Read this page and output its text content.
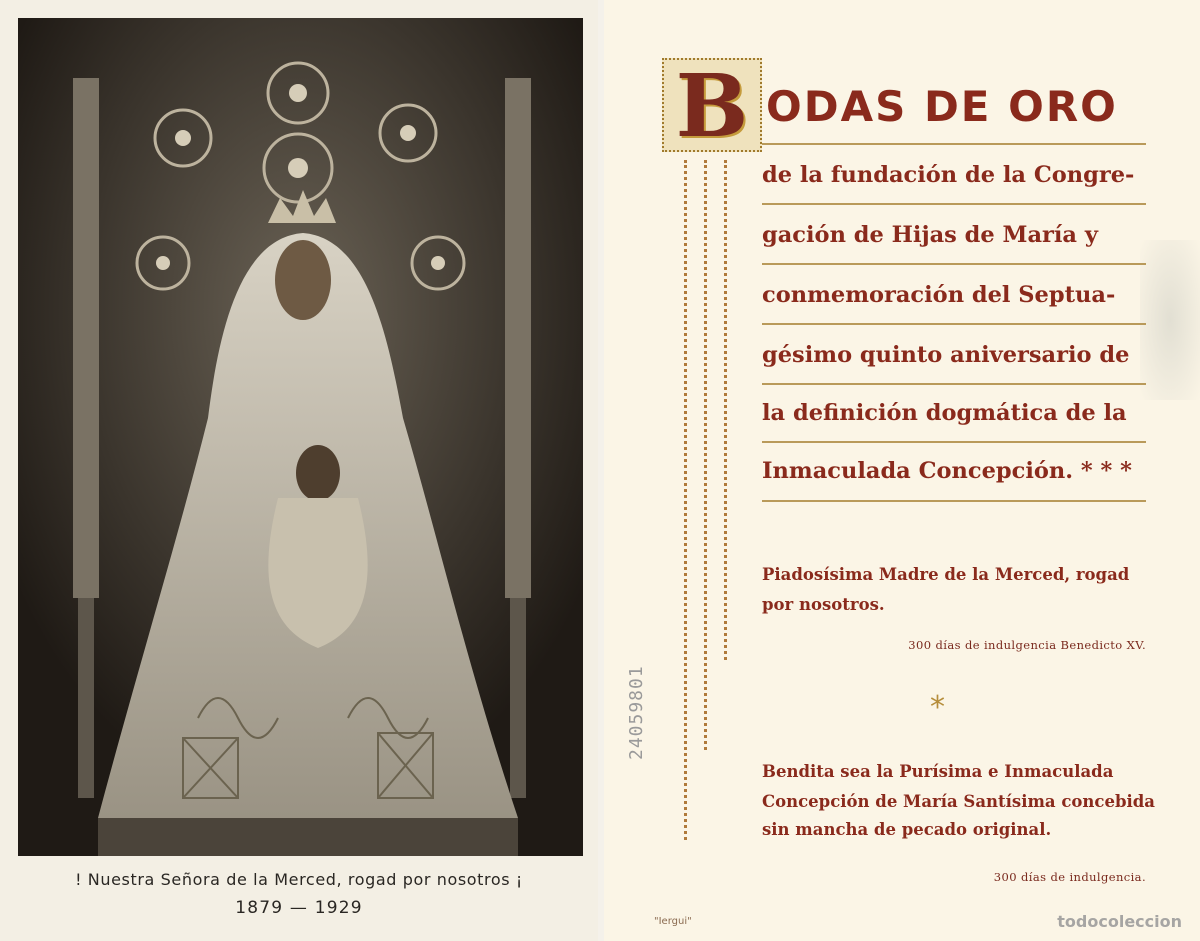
! Nuestra Señora de la Merced, rogad por nosotros ¡
1879 — 1929
B ODAS DE ORO
de la fundación de la Congre-
gación de Hijas de María y
conmemoración del Septua-
gésimo quinto aniversario de
la definición dogmática de la
Inmaculada Concepción. * * *
Piadosísima Madre de la Merced, rogad
por nosotros.
300 días de indulgencia Benedicto XV.
*
Bendita sea la Purísima e Inmaculada
Concepción de María Santísima concebida
sin mancha de pecado original.
300 días de indulgencia.
24059801
"Iergui"	todocoleccion
